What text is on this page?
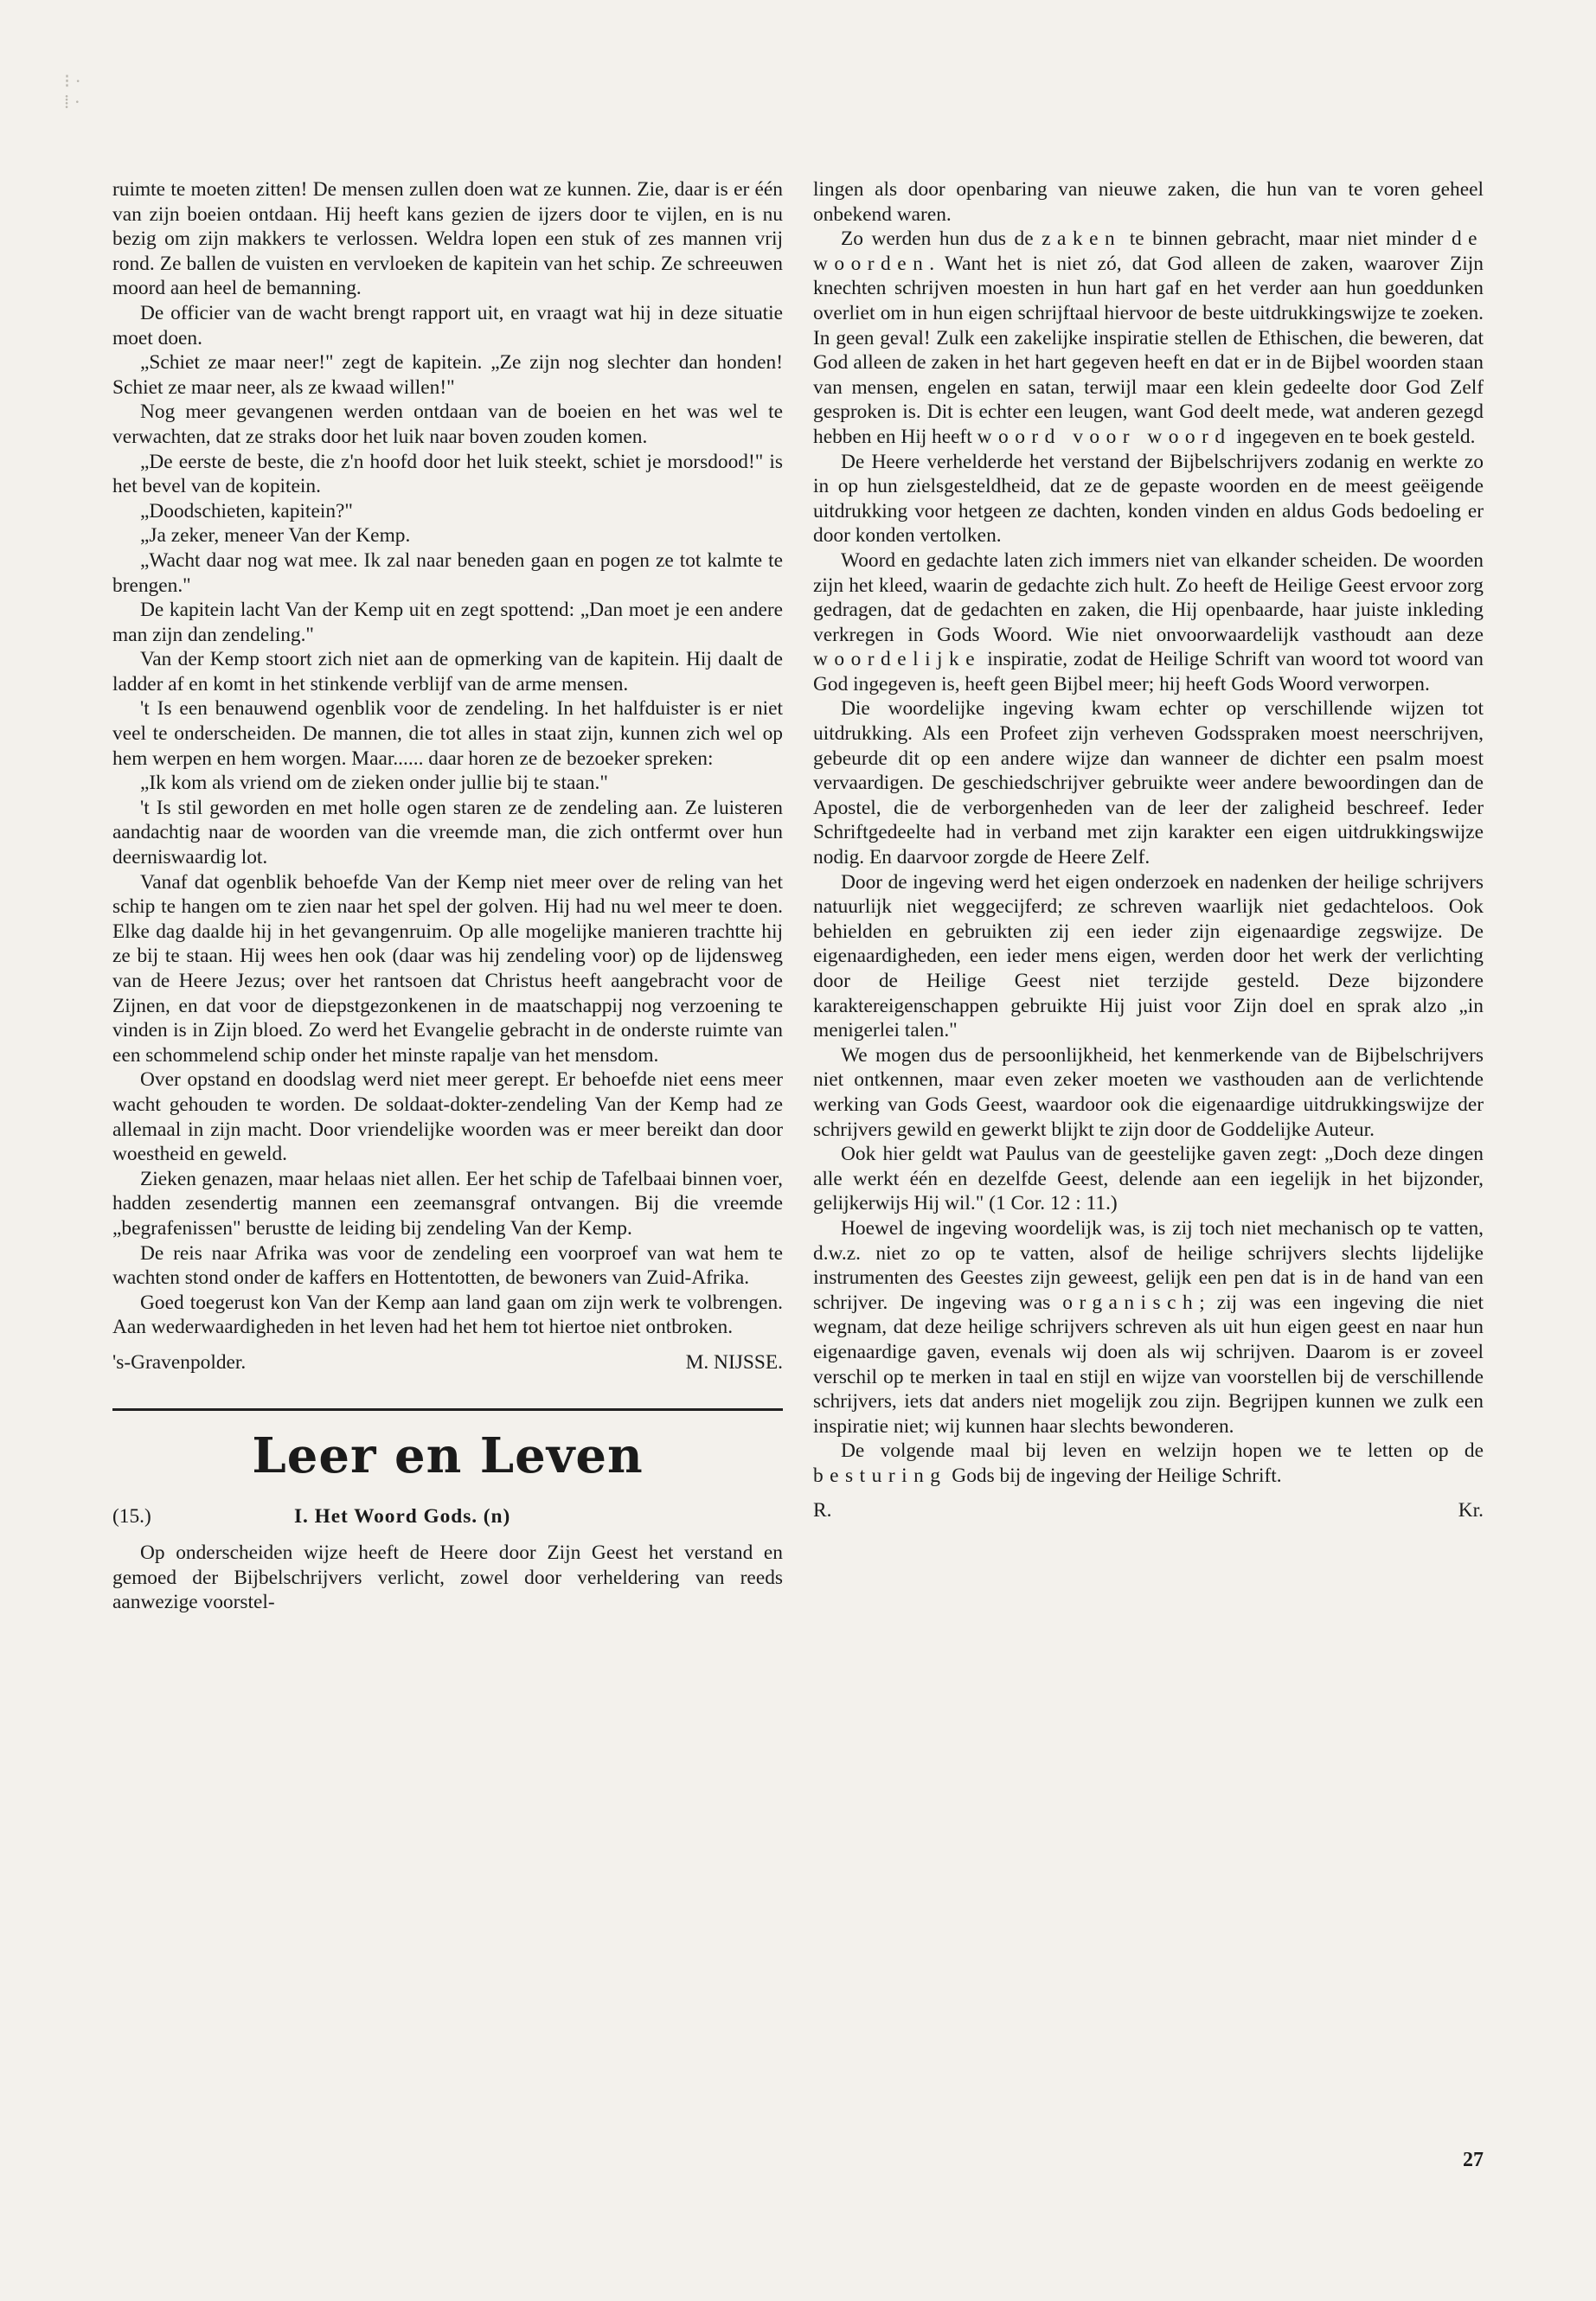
⁝ ·
⁞ ·

ruimte te moeten zitten! De mensen zullen doen wat ze kunnen. Zie, daar is er één van zijn boeien ontdaan. Hij heeft kans gezien de ijzers door te vijlen, en is nu bezig om zijn makkers te verlossen. Weldra lopen een stuk of zes mannen vrij rond. Ze ballen de vuisten en vervloeken de kapitein van het schip. Ze schreeuwen moord aan heel de bemanning.

De officier van de wacht brengt rapport uit, en vraagt wat hij in deze situatie moet doen.

„Schiet ze maar neer!" zegt de kapitein. „Ze zijn nog slechter dan honden! Schiet ze maar neer, als ze kwaad willen!"

Nog meer gevangenen werden ontdaan van de boeien en het was wel te verwachten, dat ze straks door het luik naar boven zouden komen.

„De eerste de beste, die z'n hoofd door het luik steekt, schiet je morsdood!" is het bevel van de kopitein.

„Doodschieten, kapitein?"

„Ja zeker, meneer Van der Kemp.

„Wacht daar nog wat mee. Ik zal naar beneden gaan en pogen ze tot kalmte te brengen."

De kapitein lacht Van der Kemp uit en zegt spottend: „Dan moet je een andere man zijn dan zendeling."

Van der Kemp stoort zich niet aan de opmerking van de kapitein. Hij daalt de ladder af en komt in het stinkende verblijf van de arme mensen.

't Is een benauwend ogenblik voor de zendeling. In het halfduister is er niet veel te onderscheiden. De mannen, die tot alles in staat zijn, kunnen zich wel op hem werpen en hem worgen. Maar...... daar horen ze de bezoeker spreken:

„Ik kom als vriend om de zieken onder jullie bij te staan."

't Is stil geworden en met holle ogen staren ze de zendeling aan. Ze luisteren aandachtig naar de woorden van die vreemde man, die zich ontfermt over hun deerniswaardig lot.

Vanaf dat ogenblik behoefde Van der Kemp niet meer over de reling van het schip te hangen om te zien naar het spel der golven. Hij had nu wel meer te doen. Elke dag daalde hij in het gevangenruim. Op alle mogelijke manieren trachtte hij ze bij te staan. Hij wees hen ook (daar was hij zendeling voor) op de lijdensweg van de Heere Jezus; over het rantsoen dat Christus heeft aangebracht voor de Zijnen, en dat voor de diepstgezonkenen in de maatschappij nog verzoening te vinden is in Zijn bloed. Zo werd het Evangelie gebracht in de onderste ruimte van een schommelend schip onder het minste rapalje van het mensdom.

Over opstand en doodslag werd niet meer gerept. Er behoefde niet eens meer wacht gehouden te worden. De soldaat-dokter-zendeling Van der Kemp had ze allemaal in zijn macht. Door vriendelijke woorden was er meer bereikt dan door woestheid en geweld.

Zieken genazen, maar helaas niet allen. Eer het schip de Tafelbaai binnen voer, hadden zesendertig mannen een zeemansgraf ontvangen. Bij die vreemde „begrafenissen" berustte de leiding bij zendeling Van der Kemp.

De reis naar Afrika was voor de zendeling een voorproef van wat hem te wachten stond onder de kaffers en Hottentotten, de bewoners van Zuid-Afrika.

Goed toegerust kon Van der Kemp aan land gaan om zijn werk te volbrengen. Aan wederwaardigheden in het leven had het hem tot hiertoe niet ontbroken.

's-Gravenpolder.	M. NIJSSE.
Leer en Leven
(15.)	I. Het Woord Gods. (n)

Op onderscheiden wijze heeft de Heere door Zijn Geest het verstand en gemoed der Bijbelschrijvers verlicht, zowel door verheldering van reeds aanwezige voorstel-

lingen als door openbaring van nieuwe zaken, die hun van te voren geheel onbekend waren.

Zo werden hun dus de zaken te binnen gebracht, maar niet minder de woorden. Want het is niet zó, dat God alleen de zaken, waarover Zijn knechten schrijven moesten in hun hart gaf en het verder aan hun goeddunken overliet om in hun eigen schrijftaal hiervoor de beste uitdrukkingswijze te zoeken. In geen geval! Zulk een zakelijke inspiratie stellen de Ethischen, die beweren, dat God alleen de zaken in het hart gegeven heeft en dat er in de Bijbel woorden staan van mensen, engelen en satan, terwijl maar een klein gedeelte door God Zelf gesproken is. Dit is echter een leugen, want God deelt mede, wat anderen gezegd hebben en Hij heeft woord voor woord ingegeven en te boek gesteld.

De Heere verhelderde het verstand der Bijbelschrijvers zodanig en werkte zo in op hun zielsgesteldheid, dat ze de gepaste woorden en de meest geëigende uitdrukking voor hetgeen ze dachten, konden vinden en aldus Gods bedoeling er door konden vertolken.

Woord en gedachte laten zich immers niet van elkander scheiden. De woorden zijn het kleed, waarin de gedachte zich hult. Zo heeft de Heilige Geest ervoor zorg gedragen, dat de gedachten en zaken, die Hij openbaarde, haar juiste inkleding verkregen in Gods Woord. Wie niet onvoorwaardelijk vasthoudt aan deze woordelijke inspiratie, zodat de Heilige Schrift van woord tot woord van God ingegeven is, heeft geen Bijbel meer; hij heeft Gods Woord verworpen.

Die woordelijke ingeving kwam echter op verschillende wijzen tot uitdrukking. Als een Profeet zijn verheven Godsspraken moest neerschrijven, gebeurde dit op een andere wijze dan wanneer de dichter een psalm moest vervaardigen. De geschiedschrijver gebruikte weer andere bewoordingen dan de Apostel, die de verborgenheden van de leer der zaligheid beschreef. Ieder Schriftgedeelte had in verband met zijn karakter een eigen uitdrukkingswijze nodig. En daarvoor zorgde de Heere Zelf.

Door de ingeving werd het eigen onderzoek en nadenken der heilige schrijvers natuurlijk niet weggecijferd; ze schreven waarlijk niet gedachteloos. Ook behielden en gebruikten zij een ieder zijn eigenaardige zegswijze. De eigenaardigheden, een ieder mens eigen, werden door het werk der verlichting door de Heilige Geest niet terzijde gesteld. Deze bijzondere karaktereigenschappen gebruikte Hij juist voor Zijn doel en sprak alzo „in menigerlei talen."

We mogen dus de persoonlijkheid, het kenmerkende van de Bijbelschrijvers niet ontkennen, maar even zeker moeten we vasthouden aan de verlichtende werking van Gods Geest, waardoor ook die eigenaardige uitdrukkingswijze der schrijvers gewild en gewerkt blijkt te zijn door de Goddelijke Auteur.

Ook hier geldt wat Paulus van de geestelijke gaven zegt: „Doch deze dingen alle werkt één en dezelfde Geest, delende aan een iegelijk in het bijzonder, gelijkerwijs Hij wil." (1 Cor. 12 : 11.)

Hoewel de ingeving woordelijk was, is zij toch niet mechanisch op te vatten, d.w.z. niet zo op te vatten, alsof de heilige schrijvers slechts lijdelijke instrumenten des Geestes zijn geweest, gelijk een pen dat is in de hand van een schrijver. De ingeving was organisch; zij was een ingeving die niet wegnam, dat deze heilige schrijvers schreven als uit hun eigen geest en naar hun eigenaardige gaven, evenals wij doen als wij schrijven. Daarom is er zoveel verschil op te merken in taal en stijl en wijze van voorstellen bij de verschillende schrijvers, iets dat anders niet mogelijk zou zijn. Begrijpen kunnen we zulk een inspiratie niet; wij kunnen haar slechts bewonderen.

De volgende maal bij leven en welzijn hopen we te letten op de besturing Gods bij de ingeving der Heilige Schrift.

R.	Kr.
27
